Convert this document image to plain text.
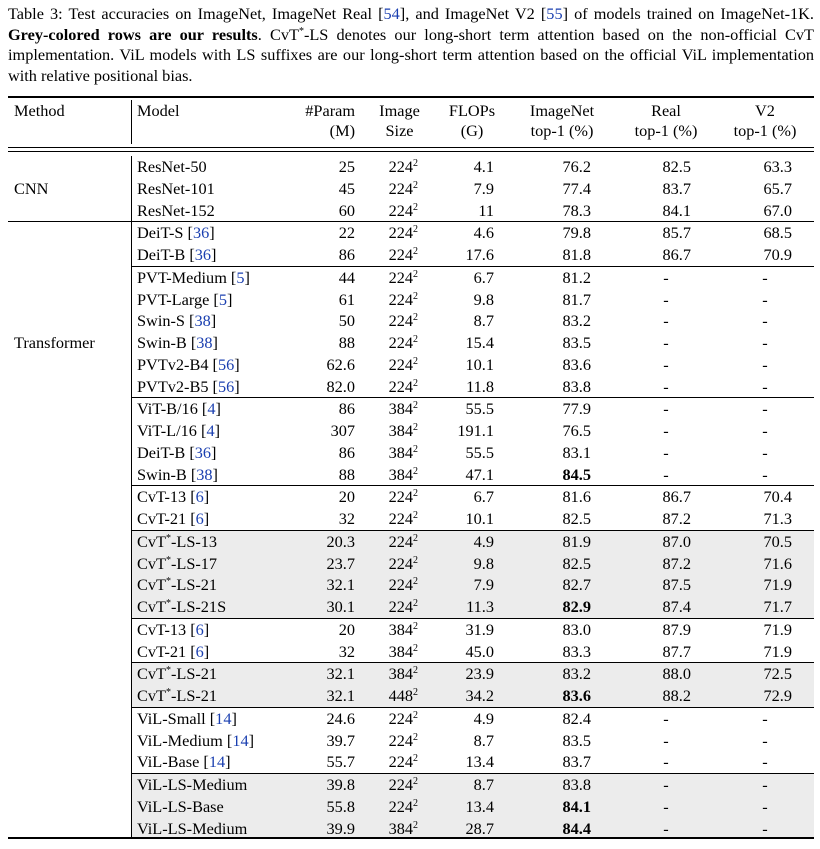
Table 3: Test accuracies on ImageNet, ImageNet Real [54], and ImageNet V2 [55] of models trained on ImageNet-1K. Grey-colored rows are our results. CvT*-LS denotes our long-short term attention based on the non-official CvT implementation. ViL models with LS suffixes are our long-short term attention based on the official ViL implementation with relative positional bias.

Method	Model	#Param	Image	FLOPs	ImageNet	Real	V2
		(M)	Size	(G)	top-1 (%)	top-1 (%)	top-1 (%)
	ResNet-50	25	$224^2$	4.1	76.2	82.5	63.3
CNN	ResNet-101	45	$224^2$	7.9	77.4	83.7	65.7
	ResNet-152	60	$224^2$	11	78.3	84.1	67.0
	DeiT-S [36]	22	$224^2$	4.6	79.8	85.7	68.5
	DeiT-B [36]	86	$224^2$	17.6	81.8	86.7	70.9
	PVT-Medium [5]	44	$224^2$	6.7	81.2	-	-
	PVT-Large [5]	61	$224^2$	9.8	81.7	-	-
	Swin-S [38]	50	$224^2$	8.7	83.2	-	-
Transformer	Swin-B [38]	88	$224^2$	15.4	83.5	-	-
	PVTv2-B4 [56]	62.6	$224^2$	10.1	83.6	-	-
	PVTv2-B5 [56]	82.0	$224^2$	11.8	83.8	-	-
	ViT-B/16 [4]	86	$384^2$	55.5	77.9	-	-
	ViT-L/16 [4]	307	$384^2$	191.1	76.5	-	-
	DeiT-B [36]	86	$384^2$	55.5	83.1	-	-
	Swin-B [38]	88	$384^2$	47.1	84.5	-	-
	CvT-13 [6]	20	$224^2$	6.7	81.6	86.7	70.4
	CvT-21 [6]	32	$224^2$	10.1	82.5	87.2	71.3
	CvT*-LS-13	20.3	$224^2$	4.9	81.9	87.0	70.5
	CvT*-LS-17	23.7	$224^2$	9.8	82.5	87.2	71.6
	CvT*-LS-21	32.1	$224^2$	7.9	82.7	87.5	71.9
	CvT*-LS-21S	30.1	$224^2$	11.3	82.9	87.4	71.7
	CvT-13 [6]	20	$384^2$	31.9	83.0	87.9	71.9
	CvT-21 [6]	32	$384^2$	45.0	83.3	87.7	71.9
	CvT*-LS-21	32.1	$384^2$	23.9	83.2	88.0	72.5
	CvT*-LS-21	32.1	$448^2$	34.2	83.6	88.2	72.9
	ViL-Small [14]	24.6	$224^2$	4.9	82.4	-	-
	ViL-Medium [14]	39.7	$224^2$	8.7	83.5	-	-
	ViL-Base [14]	55.7	$224^2$	13.4	83.7	-	-
	ViL-LS-Medium	39.8	$224^2$	8.7	83.8	-	-
	ViL-LS-Base	55.8	$224^2$	13.4	84.1	-	-
	ViL-LS-Medium	39.9	$384^2$	28.7	84.4	-	-
